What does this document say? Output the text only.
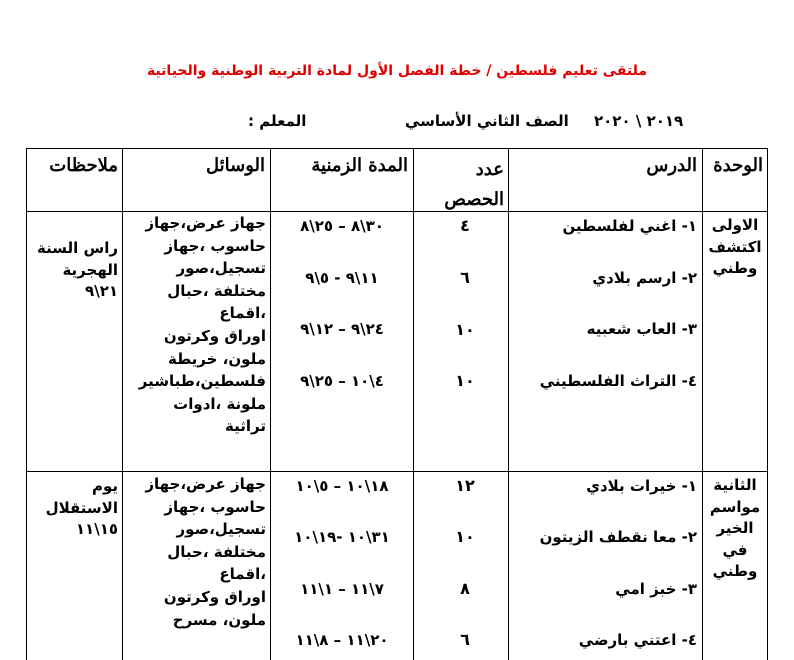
ملتقى تعليم فلسطين / خطة الفصل الأول لمادة التربية الوطنية والحياتية
٢٠١٩ \ ٢٠٢٠
الصف الثاني الأساسي
المعلم :
الوحدة
الدرس
عدد الحصص
المدة الزمنية
الوسائل
ملاحظات
الاولى
اكتشف
وطني
١- اغني لفلسطين
٢- ارسم بلادي
٣- العاب شعبيه
٤- التراث الفلسطيني
٤
٦
١٠
١٠
٣٠\٨ – ٢٥\٨
١١\٩ - ٥\٩
٢٤\٩ – ١٢\٩
٤\١٠ – ٢٥\٩
جهاز عرض،جهاز
حاسوب ،جهاز
تسجيل،صور
مختلفة ،حبال
،اقماع
اوراق وكرتون
ملون، خريطة
فلسطين،طباشير
ملونة ،ادوات
تراثية
راس السنة
الهجرية
٢١\٩
الثانية
مواسم
الخير
في
وطني
١- خيرات بلادي
٢- معا نقطف الزيتون
٣- خبز امي
٤- اعتني بارضي
١٢
١٠
٨
٦
١٨\١٠ – ٥\١٠
٣١\١٠ -١٩\١٠
٧\١١ – ١\١١
٢٠\١١ – ٨\١١
جهاز عرض،جهاز
حاسوب ،جهاز
تسجيل،صور
مختلفة ،حبال
،اقماع
اوراق وكرتون
ملون، مسرح
يوم
الاستقلال
١٥\١١
